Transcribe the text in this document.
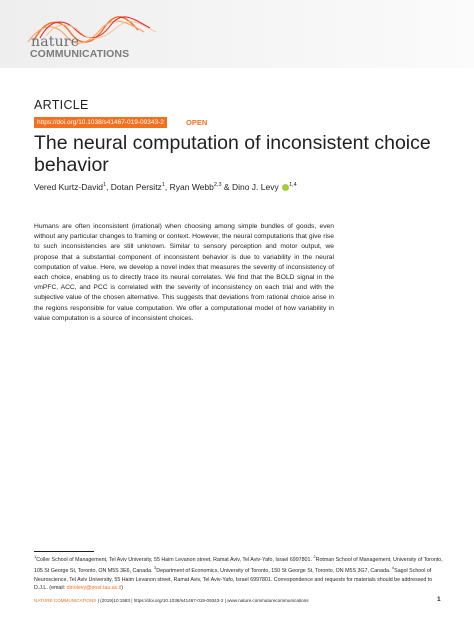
nature
COMMUNICATIONS
ARTICLE
https://doi.org/10.1038/s41467-019-09343-2	OPEN
The neural computation of inconsistent choice behavior
Vered Kurtz-David$^1$, Dotan Persitz$^1$, Ryan Webb$^{2,3}$ & Dino J. Levy $^{1,4}$

Humans are often inconsistent (irrational) when choosing among simple bundles of goods, even without any particular changes to framing or context. However, the neural computations that give rise to such inconsistencies are still unknown. Similar to sensory perception and motor output, we propose that a substantial component of inconsistent behavior is due to variability in the neural computation of value. Here, we develop a novel index that measures the severity of inconsistency of each choice, enabling us to directly trace its neural correlates. We find that the BOLD signal in the vmPFC, ACC, and PCC is correlated with the severity of inconsistency on each trial and with the subjective value of the chosen alternative. This suggests that deviations from rational choice arise in the regions responsible for value computation. We offer a computational model of how variability in value computation is a source of inconsistent choices.

$^1$Coller School of Management, Tel Aviv University, 55 Haim Levanon street, Ramat Aviv, Tel Aviv-Yafo, Israel 6997801. $^2$Rotman School of Management, University of Toronto, 105 St George St, Toronto, ON M5S 3E6, Canada. $^3$Department of Economics, University of Toronto, 150 St George St, Toronto, ON M5S 3G7, Canada. $^4$Sagol School of Neuroscience, Tel Aviv University, 55 Haim Levanon street, Ramat Aviv, Tel Aviv-Yafo, Israel 6997801. Correspondence and requests for materials should be addressed to D.J.L. (email: dinolevy@post.tau.ac.il)

NATURE COMMUNICATIONS | (2019)10:1583 | https://doi.org/10.1038/s41467-019-09343-2 | www.nature.com/naturecommunications	1
